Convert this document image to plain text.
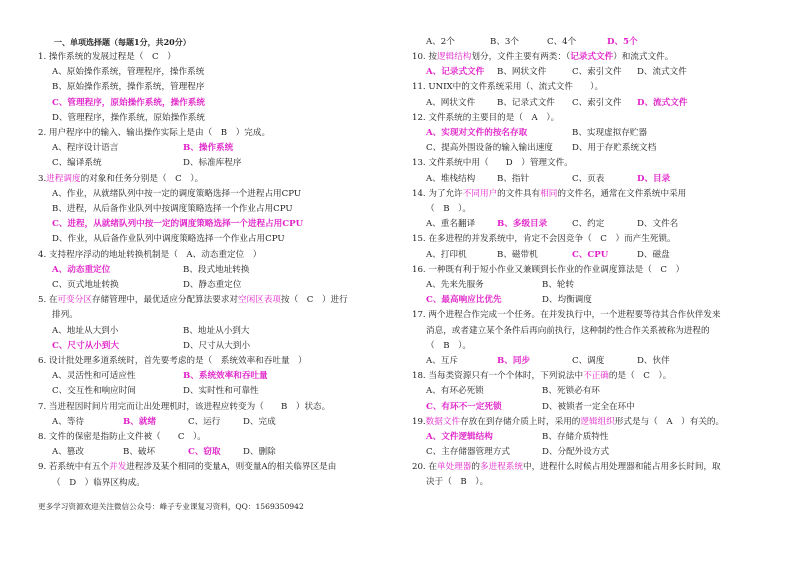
一、单项选择题（每题1分，共20分）
1. 操作系统的发展过程是（　C　）
A、原始操作系统，管理程序，操作系统
B、原始操作系统，操作系统，管理程序
C、管理程序，原始操作系统，操作系统
D、管理程序，操作系统，原始操作系统
2. 用户程序中的输入、输出操作实际上是由（　B　）完成。
A、程序设计语言	B、操作系统
C、编译系统	D、标准库程序
3.进程调度的对象和任务分别是（　C　）。
A、作业，从就绪队列中按一定的调度策略选择一个进程占用CPU
B、进程，从后备作业队列中按调度策略选择一个作业占用CPU
C、进程，从就绪队列中按一定的调度策略选择一个进程占用CPU
D、作业，从后备作业队列中调度策略选择一个作业占用CPU
4. 支持程序浮动的地址转换机制是（　A、动态重定位　）
A、动态重定位	B、段式地址转换
C、页式地址转换	D、静态重定位
5. 在可变分区存储管理中，最优适应分配算法要求对空闲区表项按（　C　）进行
排列。
A、地址从大到小	B、地址从小到大
C、尺寸从小到大	D、尺寸从大到小
6. 设计批处理多道系统时，首先要考虑的是（　系统效率和吞吐量　）
A、灵活性和可适应性	B、系统效率和吞吐量
C、交互性和响应时间	D、实时性和可靠性
7. 当进程因时间片用完而让出处理机时，该进程应转变为（　　B　）状态。
A、等待	B、就绪	C、运行	D、完成
8. 文件的保密是指防止文件被（　　C　）。
A、篡改	B、破坏	C、窃取	D、删除
9. 若系统中有五个并发进程涉及某个相同的变量A，则变量A的相关临界区是由
（　D　）临界区构成。
A、2个	B、3个	C、4个	D、5个
10. 按逻辑结构划分，文件主要有两类：（记录式文件）和流式文件。
A、记录式文件 B、网状文件	C、索引文件 D、流式文件
11. UNIX中的文件系统采用（、流式文件　　）。
A、网状文件	B、记录式文件 C、索引文件 D、流式文件
12. 文件系统的主要目的是（　A　）。
A、实现对文件的按名存取	B、实现虚拟存贮器
C、提高外围设备的输入输出速度 D、用于存贮系统文档
13. 文件系统中用（　　D　）管理文件。
A、堆栈结构	B、指针	C、页表	D、目录
14. 为了允许不同用户的文件具有相同的文件名，通常在文件系统中采用
（　B　）。
A、重名翻译	B、多级目录	C、约定	D、文件名
15. 在多进程的并发系统中，肯定不会因竞争（　C　）而产生死锁。
A、打印机	B、磁带机	C、CPU	D、磁盘
16. 一种既有利于短小作业又兼顾到长作业的作业调度算法是（　C　）
A、先来先服务	B、轮转
C、最高响应比优先	D、均衡调度
17. 两个进程合作完成一个任务。在并发执行中，一个进程要等待其合作伙伴发来
消息，或者建立某个条件后再向前执行，这种制约性合作关系被称为进程的
（　B　）。
A、互斥	B、同步	C、调度	D、伙伴
18. 当每类资源只有一个个体时，下列说法中不正确的是（　C　）。
A、有环必死锁	B、死锁必有环
C、有环不一定死锁	D、被锁者一定全在环中
19.数据文件存放在到存储介质上时，采用的逻辑组织形式是与（　A　）有关的。
A、文件逻辑结构	B、存储介质特性
C、主存储器管理方式	D、分配外设方式
20. 在单处理器的多进程系统中，进程什么时候占用处理器和能占用多长时间，取
决于（　B　）。
更多学习资源欢迎关注微信公众号：峰子专业课复习资料，QQ：1569350942
